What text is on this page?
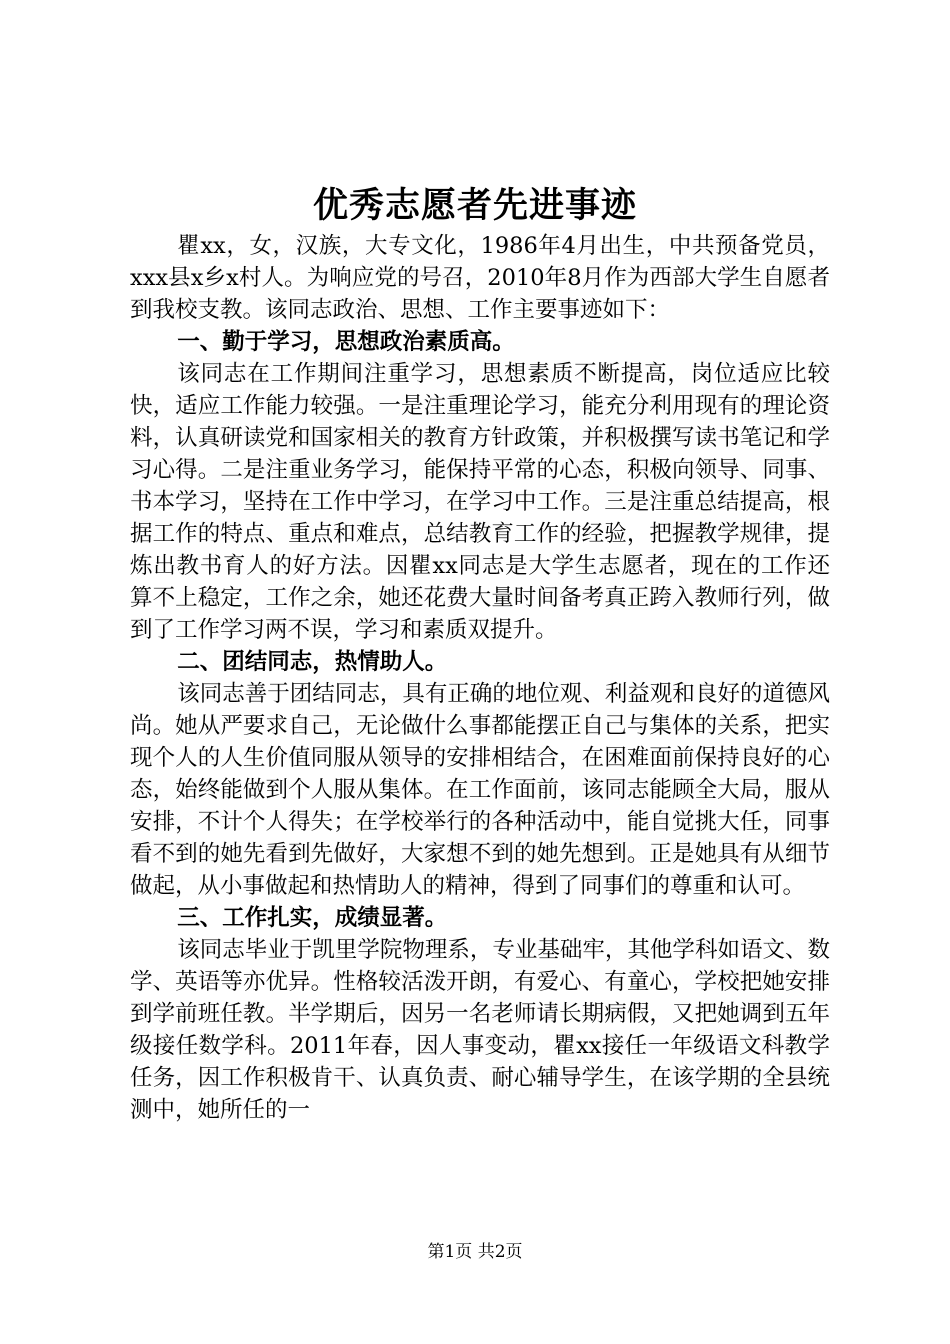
优秀志愿者先进事迹

瞿xx，女，汉族，大专文化，1986年4月出生，中共预备党员，xxx县x乡x村人。为响应党的号召，2010年8月作为西部大学生自愿者到我校支教。该同志政治、思想、工作主要事迹如下：

一、勤于学习，思想政治素质高。

该同志在工作期间注重学习，思想素质不断提高，岗位适应比较快，适应工作能力较强。一是注重理论学习，能充分利用现有的理论资料，认真研读党和国家相关的教育方针政策，并积极撰写读书笔记和学习心得。二是注重业务学习，能保持平常的心态，积极向领导、同事、书本学习，坚持在工作中学习，在学习中工作。三是注重总结提高，根据工作的特点、重点和难点，总结教育工作的经验，把握教学规律，提炼出教书育人的好方法。因瞿xx同志是大学生志愿者，现在的工作还算不上稳定，工作之余，她还花费大量时间备考真正跨入教师行列，做到了工作学习两不误，学习和素质双提升。

二、团结同志，热情助人。

该同志善于团结同志，具有正确的地位观、利益观和良好的道德风尚。她从严要求自己，无论做什么事都能摆正自己与集体的关系，把实现个人的人生价值同服从领导的安排相结合，在困难面前保持良好的心态，始终能做到个人服从集体。在工作面前，该同志能顾全大局，服从安排，不计个人得失；在学校举行的各种活动中，能自觉挑大任，同事看不到的她先看到先做好，大家想不到的她先想到。正是她具有从细节做起，从小事做起和热情助人的精神，得到了同事们的尊重和认可。

三、工作扎实，成绩显著。

该同志毕业于凯里学院物理系，专业基础牢，其他学科如语文、数学、英语等亦优异。性格较活泼开朗，有爱心、有童心，学校把她安排到学前班任教。半学期后，因另一名老师请长期病假，又把她调到五年级接任数学科。2011年春，因人事变动，瞿xx接任一年级语文科教学任务，因工作积极肯干、认真负责、耐心辅导学生，在该学期的全县统测中，她所任的一

第1页 共2页
